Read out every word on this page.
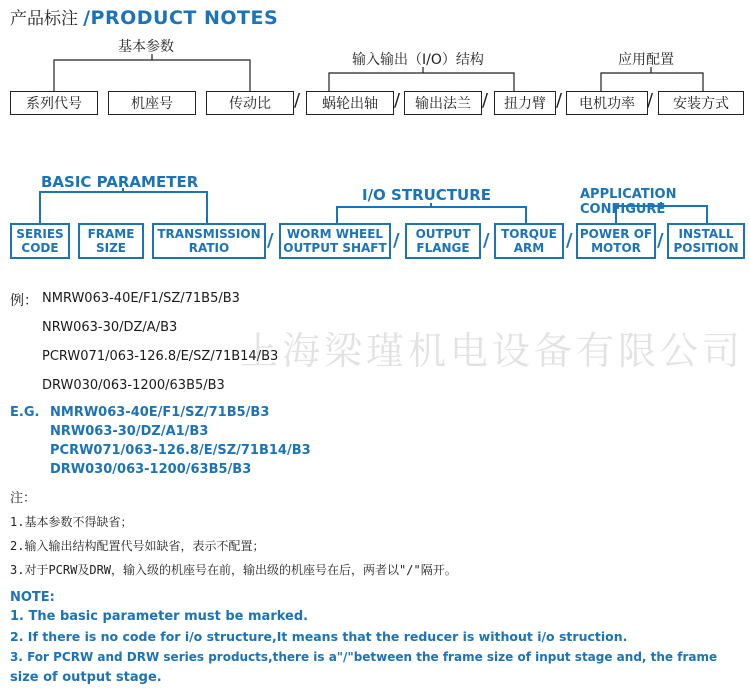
产品标注 /PRODUCT NOTES
基本参数
输入输出（I/O）结构	应用配置
系列代号	机座号	传动比	/	蜗轮出轴 /	输出法兰 /	扭力臂 /	电机功率 /	安装方式
BASIC PARAMETER
I/O STRUCTURE	APPLICATION CONFIGURE
SERIES
CODE
FRAME
SIZE
TRANSMISSION
RATIO	/	WORM WHEEL
OUTPUT SHAFT / OUTPUT
FLANGE / TORQUE
ARM	/ POWER OF
MOTOR /	INSTALL
POSITION
例： NMRW063-40E/F1/SZ/71B5/B3
NRW063-30/DZ/A/B3
PCRW071/063-126.8/E/SZ/71B14/B3
DRW030/063-1200/63B5/B3
上海梁瑾机电设备有限公司
E.G. NMRW063-40E/F1/SZ/71B5/B3
NRW063-30/DZ/A1/B3
PCRW071/063-126.8/E/SZ/71B14/B3
DRW030/063-1200/63B5/B3
注：
1.基本参数不得缺省；
2.输入输出结构配置代号如缺省，表示不配置；
3.对于PCRW及DRW，输入级的机座号在前，输出级的机座号在后，两者以"/"隔开。
NOTE:
1. The basic parameter must be marked.
2. If there is no code for i/o structure,It means that the reducer is without i/o struction.
3. For PCRW and DRW series products,there is a"/"between the frame size of input stage and, the frame
size of output stage.
